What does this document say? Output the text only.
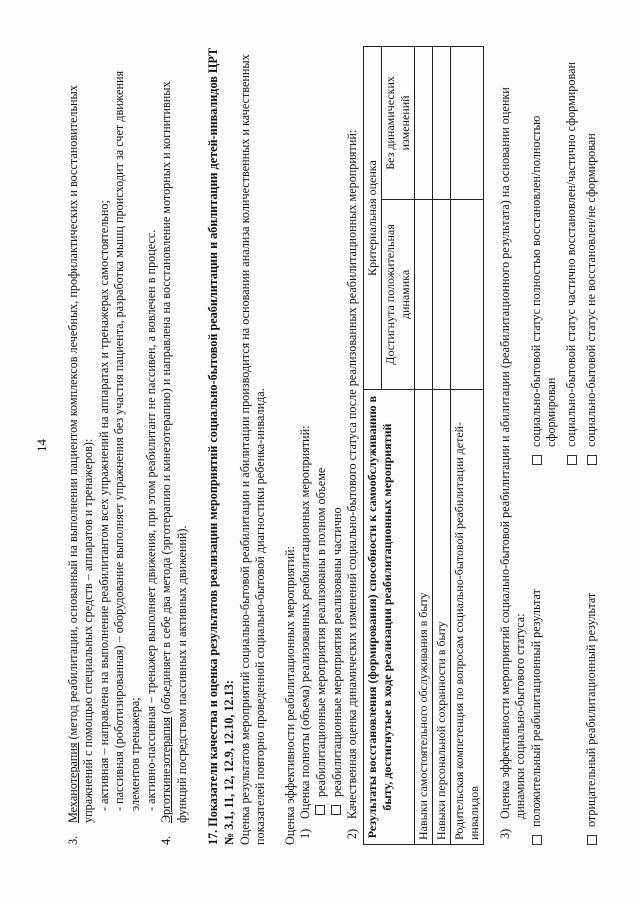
14
3.

Механотерапия (метод реабилитации, основанный на выполнении пациентом комплексов лечебных, профилактических и восстановительных упражнений с помощью специальных средств – аппаратов и тренажеров): - активная – направлена на выполнение реабилитантом всех упражнений на аппаратах и тренажерах самостоятельно; - пассивная (роботизированная) – оборудование выполняет упражнения без участия пациента, разработка мышц происходит за счет движения элементов тренажера; - активно-пассивная – тренажер выполняет движения, при этом реабилитант не пассивен, а вовлечен в процесс.

4.

Эрготкинезотерапия (объединяет в себе два метода (эрготерапию и кинезотерапию) и направлена на восстановление моторных и когнитивных функций посредством пассивных и активных движений). 17. Показатели качества и оценка результатов реализации мероприятий социально-бытовой реабилитации и абилитации детей-инвалидов ЦРТ № 3.1, 11, 12, 12.9, 12.10, 12.13: Оценка результатов мероприятий социально-бытовой реабилитации и абилитации производится на основании анализа количественных и качественных показателей повторно проведенной социально-бытовой диагностики ребенка-инвалида. Оценка эффективности реабилитационных мероприятий: 1)
Оценка полноты (объема) реализованных реабилитационных мероприятий: реабилитационные мероприятия реализованы в полном объеме реабилитационные мероприятия реализованы частично

2)
Качественная оценка динамических изменений социально-бытового статуса после реализованных реабилитационных мероприятий: Результаты восстановления (формирования) способности к самообслуживанию в быту, достигнутые в ходе реализации реабилитационных мероприятий	Критериальная оценка	
	Достигнута положительная динамика	Без динамических изменений
Навыки самостоятельного обслуживания в быту		
Навыки персональной сохранности в быту		
Родительская компетенция по вопросам социально-бытовой реабилитации детей-инвалидов		3)
Оценка эффективности мероприятий социально-бытовой реабилитации и абилитации (реабилитационного результата) на основании оценки динамики социально-бытового статуса: положительный реабилитационный результат
социально-бытовой статус полностью восстановлен/полностью сформирован социально-бытовой статус частично восстановлен/частично сформирован
отрицательный реабилитационный результат
социально-бытовой статус не восстановлен/не сформирован
